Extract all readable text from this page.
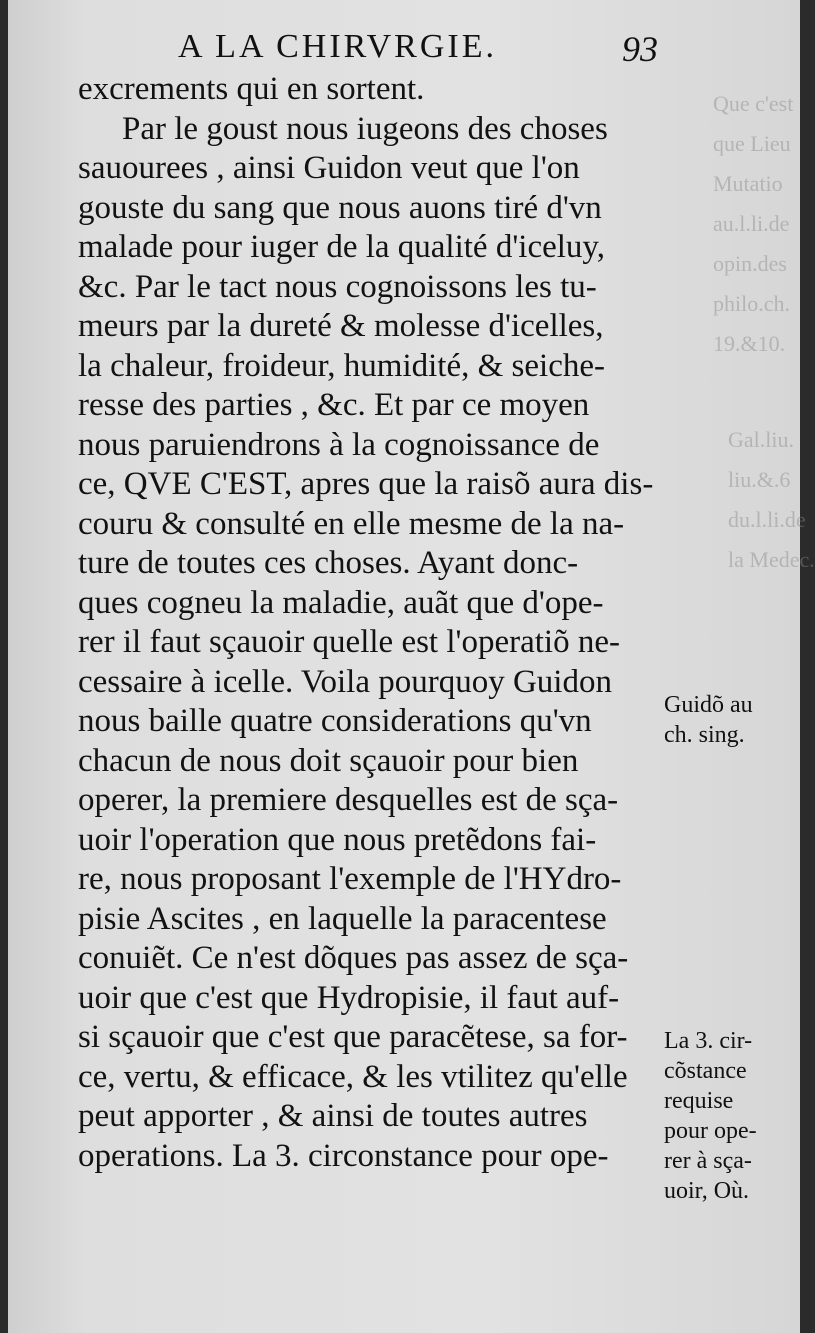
Que c'est
que Lieu
Mutatio
au.l.li.de
opin.des
philo.ch.
19.&10.
Gal.liu.
liu.&.6
du.l.li.de
la Medec.
A LA CHIRVRGIE.	93
excrements qui en sortent.
Par le goust nous iugeons des choses
sauourees , ainsi Guidon veut que l'on
gouste du sang que nous auons tiré d'vn
malade pour iuger de la qualité d'iceluy,
&c. Par le tact nous cognoissons les tu-
meurs par la dureté & molesse d'icelles,
la chaleur, froideur, humidité, & seiche-
resse des parties , &c. Et par ce moyen
nous paruiendrons à la cognoissance de
ce, QVE C'EST, apres que la raisõ aura dis-
couru & consulté en elle mesme de la na-
ture de toutes ces choses. Ayant donc-
ques cogneu la maladie, auãt que d'ope-
rer il faut sçauoir quelle est l'operatiõ ne-
cessaire à icelle. Voila pourquoy Guidon
nous baille quatre considerations qu'vn
chacun de nous doit sçauoir pour bien
operer, la premiere desquelles est de sça-
uoir l'operation que nous pretẽdons fai-
re, nous proposant l'exemple de l'HYdro-
pisie Ascites , en laquelle la paracentese
conuiẽt. Ce n'est dõques pas assez de sça-
uoir que c'est que Hydropisie, il faut auf-
si sçauoir que c'est que paracẽtese, sa for-
ce, vertu, & efficace, & les vtilitez qu'elle
peut apporter , & ainsi de toutes autres
operations. La 3. circonstance pour ope-
Guidõ au
ch. sing.
La 3. cir-
cõstance
requise
pour ope-
rer à sça-
uoir, Où.
